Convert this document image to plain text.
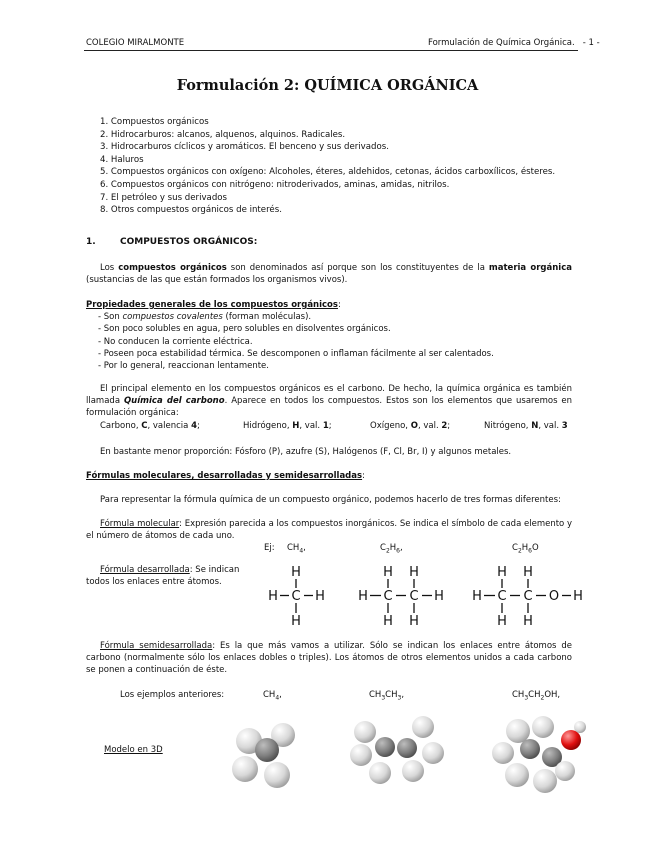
COLEGIO MIRALMONTE	Formulación de Química Orgánica. - 1 -
Formulación 2: QUÍMICA ORGÁNICA
1. Compuestos orgánicos
2. Hidrocarburos: alcanos, alquenos, alquinos. Radicales.
3. Hidrocarburos cíclicos y aromáticos. El benceno y sus derivados.
4. Haluros
5. Compuestos orgánicos con oxígeno: Alcoholes, éteres, aldehidos, cetonas, ácidos carboxílicos, ésteres.
6. Compuestos orgánicos con nitrógeno: nitroderivados, aminas, amidas, nitrilos.
7. El petróleo y sus derivados
8. Otros compuestos orgánicos de interés.
1.	COMPUESTOS ORGÁNICOS:
Los compuestos orgánicos son denominados así porque son los constituyentes de la materia orgánica (sustancias de las que están formados los organismos vivos).
Propiedades generales de los compuestos orgánicos:
- Son compuestos covalentes (forman moléculas).
- Son poco solubles en agua, pero solubles en disolventes orgánicos.
- No conducen la corriente eléctrica.
- Poseen poca estabilidad térmica. Se descomponen o inflaman fácilmente al ser calentados.
- Por lo general, reaccionan lentamente.
El principal elemento en los compuestos orgánicos es el carbono. De hecho, la química orgánica es también llamada Química del carbono. Aparece en todos los compuestos. Estos son los elementos que usaremos en formulación orgánica:
Carbono, C, valencia 4;	Hidrógeno, H, val. 1;	Oxígeno, O, val. 2;	Nitrógeno, N, val. 3
En bastante menor proporción: Fósforo (P), azufre (S), Halógenos (F, Cl, Br, I) y algunos metales.
Fórmulas moleculares, desarrolladas y semidesarrolladas:
Para representar la fórmula química de un compuesto orgánico, podemos hacerlo de tres formas diferentes:
Fórmula molecular: Expresión parecida a los compuestos inorgánicos. Se indica el símbolo de cada elemento y el número de átomos de cada uno.
Ej: $CH_4$,	$C_2H_6$,	$C_2H_6O$
Fórmula desarrollada: Se indican
todos los enlaces entre átomos.
H
H C H
H
H H
H C C H
H H
H H
H C C O H
H H
Fórmula semidesarrollada: Es la que más vamos a utilizar. Sólo se indican los enlaces entre átomos de carbono (normalmente sólo los enlaces dobles o triples). Los átomos de otros elementos unidos a cada carbono se ponen a continuación de éste.
Los ejemplos anteriores:	$CH_4$,	$CH_3CH_3$,	$CH_3CH_2OH$,
Modelo en 3D
